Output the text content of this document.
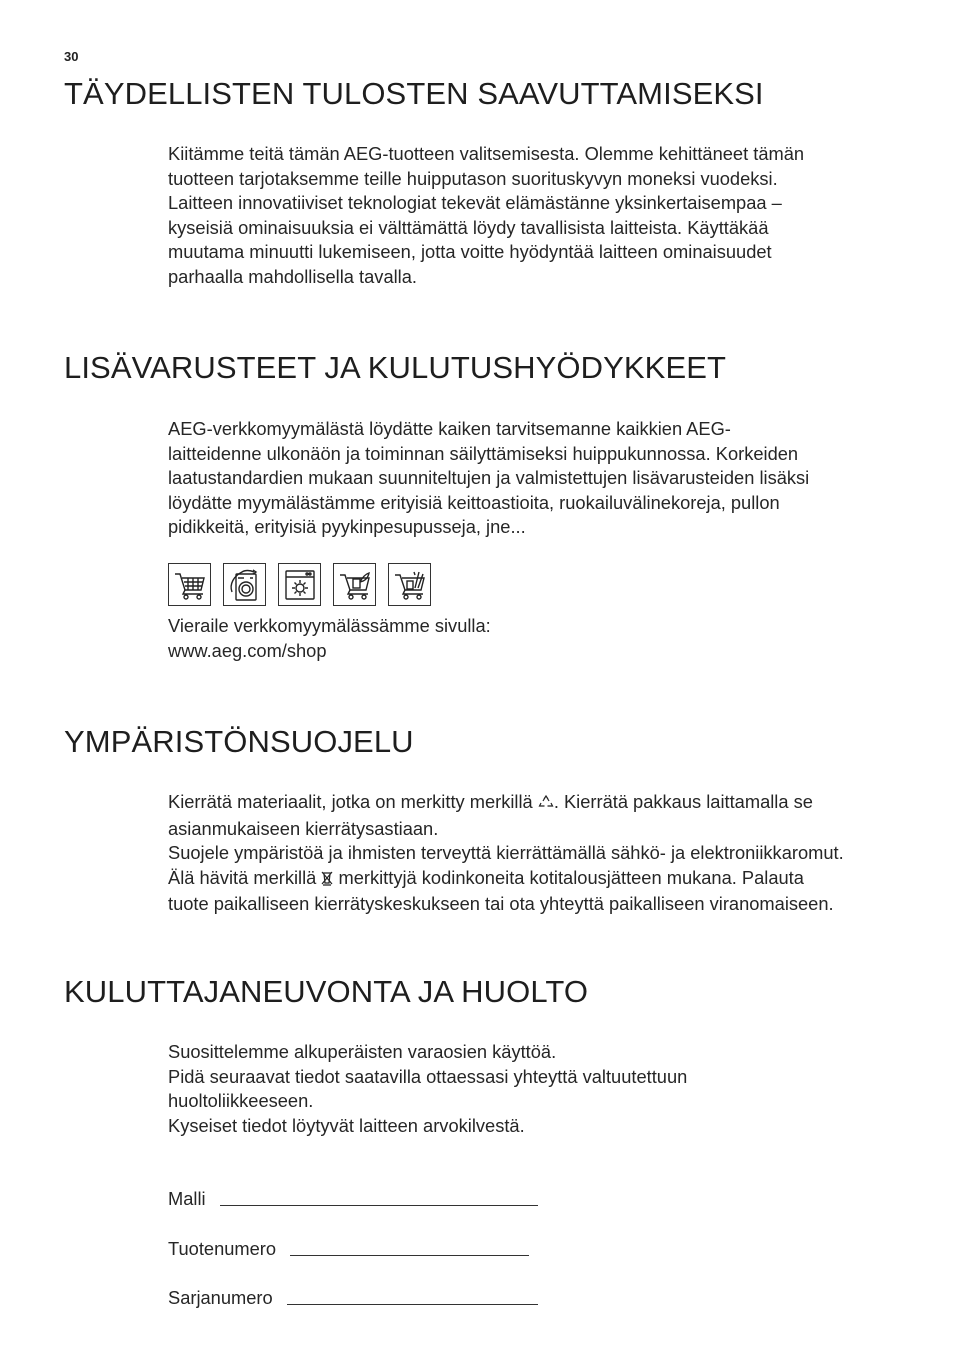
30
TÄYDELLISTEN TULOSTEN SAAVUTTAMISEKSI
Kiitämme teitä tämän AEG-tuotteen valitsemisesta. Olemme kehittäneet tämän
tuotteen tarjotaksemme teille huipputason suorituskyvyn moneksi vuodeksi.
Laitteen innovatiiviset teknologiat tekevät elämästänne yksinkertaisempaa –
kyseisiä ominaisuuksia ei välttämättä löydy tavallisista laitteista. Käyttäkää
muutama minuutti lukemiseen, jotta voitte hyödyntää laitteen ominaisuudet
parhaalla mahdollisella tavalla.
LISÄVARUSTEET JA KULUTUSHYÖDYKKEET
AEG-verkkomyymälästä löydätte kaiken tarvitsemanne kaikkien AEG-
laitteidenne ulkonäön ja toiminnan säilyttämiseksi huippukunnossa. Korkeiden
laatustandardien mukaan suunniteltujen ja valmistettujen lisävarusteiden lisäksi
löydätte myymälästämme erityisiä keittoastioita, ruokailuvälinekoreja, pullon
pidikkeitä, erityisiä pyykinpesupusseja, jne...
Vieraile verkkomyymälässämme sivulla:
www.aeg.com/shop
YMPÄRISTÖNSUOJELU
Kierrätä materiaalit, jotka on merkitty merkillä . Kierrätä pakkaus laittamalla se
asianmukaiseen kierrätysastiaan.
Suojele ympäristöä ja ihmisten terveyttä kierrättämällä sähkö- ja elektroniikkaromut.
Älä hävitä merkillä  merkittyjä kodinkoneita kotitalousjätteen mukana. Palauta
tuote paikalliseen kierrätyskeskukseen tai ota yhteyttä paikalliseen viranomaiseen.
KULUTTAJANEUVONTA JA HUOLTO
Suosittelemme alkuperäisten varaosien käyttöä.
Pidä seuraavat tiedot saatavilla ottaessasi yhteyttä valtuutettuun
huoltoliikkeeseen.
Kyseiset tiedot löytyvät laitteen arvokilvestä.
Malli
Tuotenumero
Sarjanumero
